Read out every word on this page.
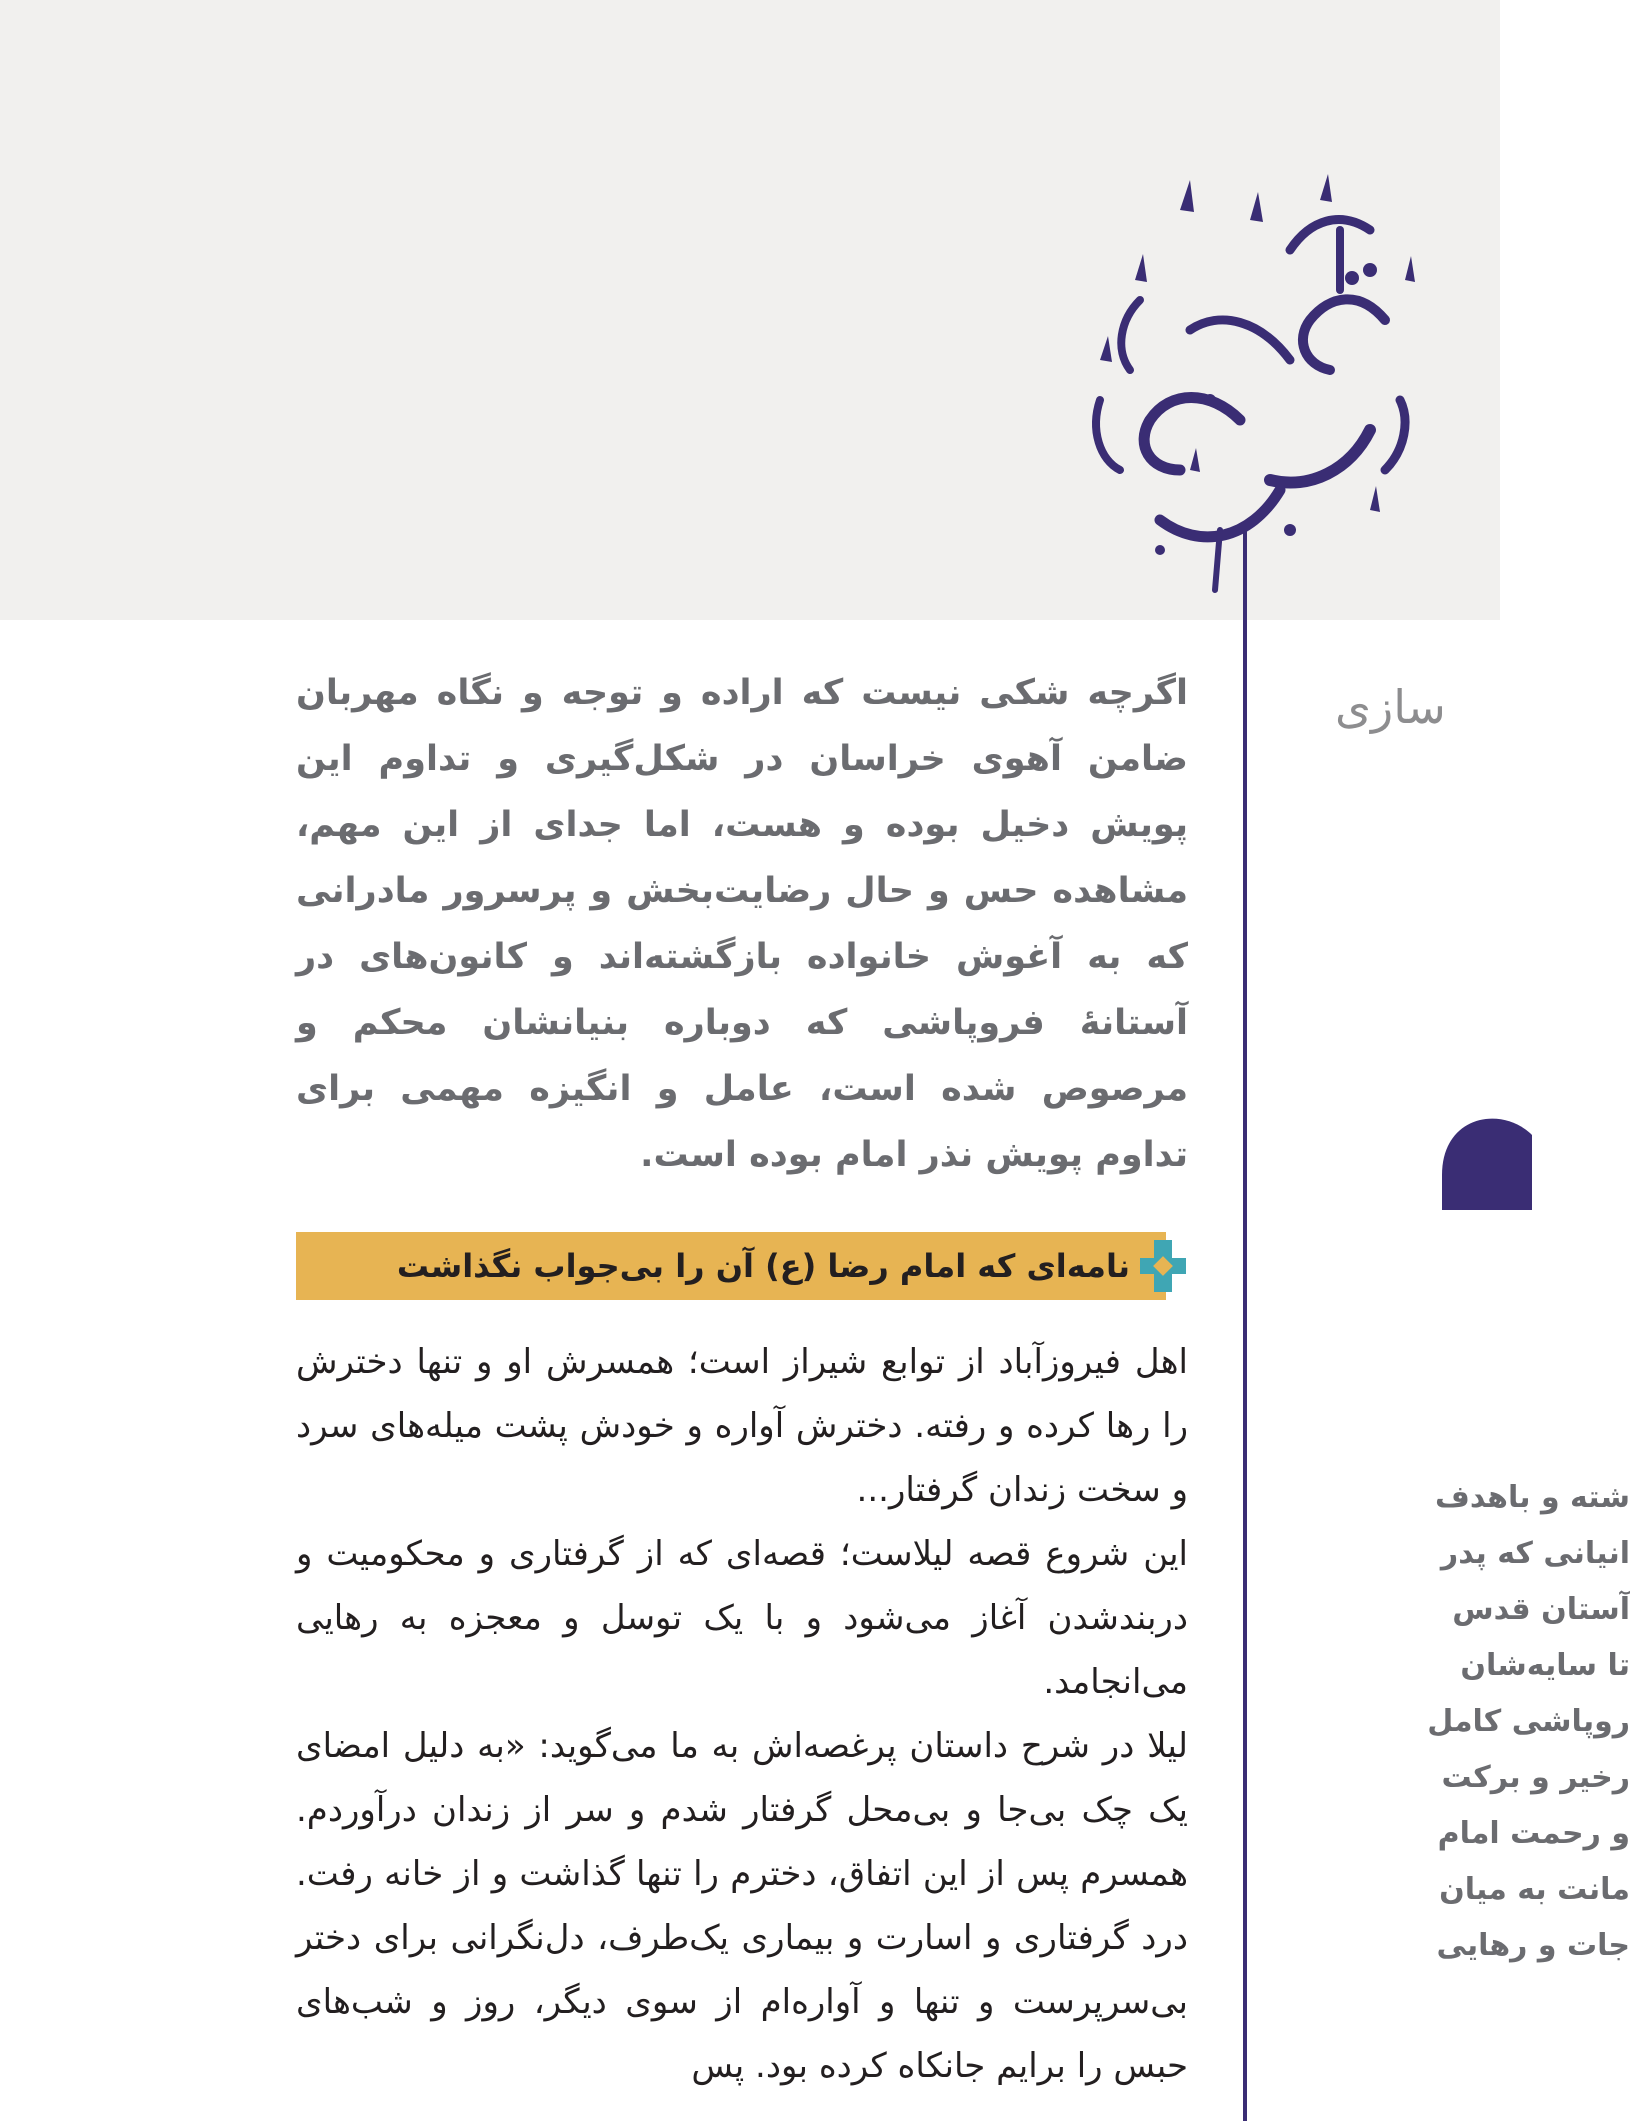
سازی
شته و باهدف
انیانی که پدر
آستان قدس
تا سایه‌شان
روپاشی کامل
رخیر و برکت
و رحمت امام
مانت به میان
جات و رهایی

اگرچه شکی نیست که اراده و توجه و نگاه مهربان ضامن آهوی خراسان در شکل‌گیری و تداوم این پویش دخیل بوده و هست، اما جدای از این مهم، مشاهده حس و حال رضایت‌بخش و پرسرور مادرانی که به آغوش خانواده بازگشته‌اند و کانون‌های در آستانهٔ فروپاشی که دوباره بنیانشان محکم و مرصوص شده است، عامل و انگیزه مهمی برای تداوم پویش نذر امام بوده است.

نامه‌ای که امام رضا (ع) آن را بی‌جواب نگذاشت

اهل فیروزآباد از توابع شیراز است؛ همسرش او و تنها دخترش را رها کرده و رفته. دخترش آواره و خودش پشت میله‌های سرد و سخت زندان گرفتار...

این شروع قصه لیلاست؛ قصه‌ای که از گرفتاری و محکومیت و دربندشدن آغاز می‌شود و با یک توسل و معجزه به رهایی می‌انجامد.

لیلا در شرح داستان پرغصه‌اش به ما می‌گوید: «به دلیل امضای یک چک بی‌جا و بی‌محل گرفتار شدم و سر از زندان درآوردم. همسرم پس از این اتفاق، دخترم را تنها گذاشت و از خانه رفت. درد گرفتاری و اسارت و بیماری یک‌طرف، دل‌نگرانی برای دختر بی‌سرپرست و تنها و آواره‌ام از سوی دیگر، روز و شب‌های حبس را برایم جانکاه کرده بود. پس
